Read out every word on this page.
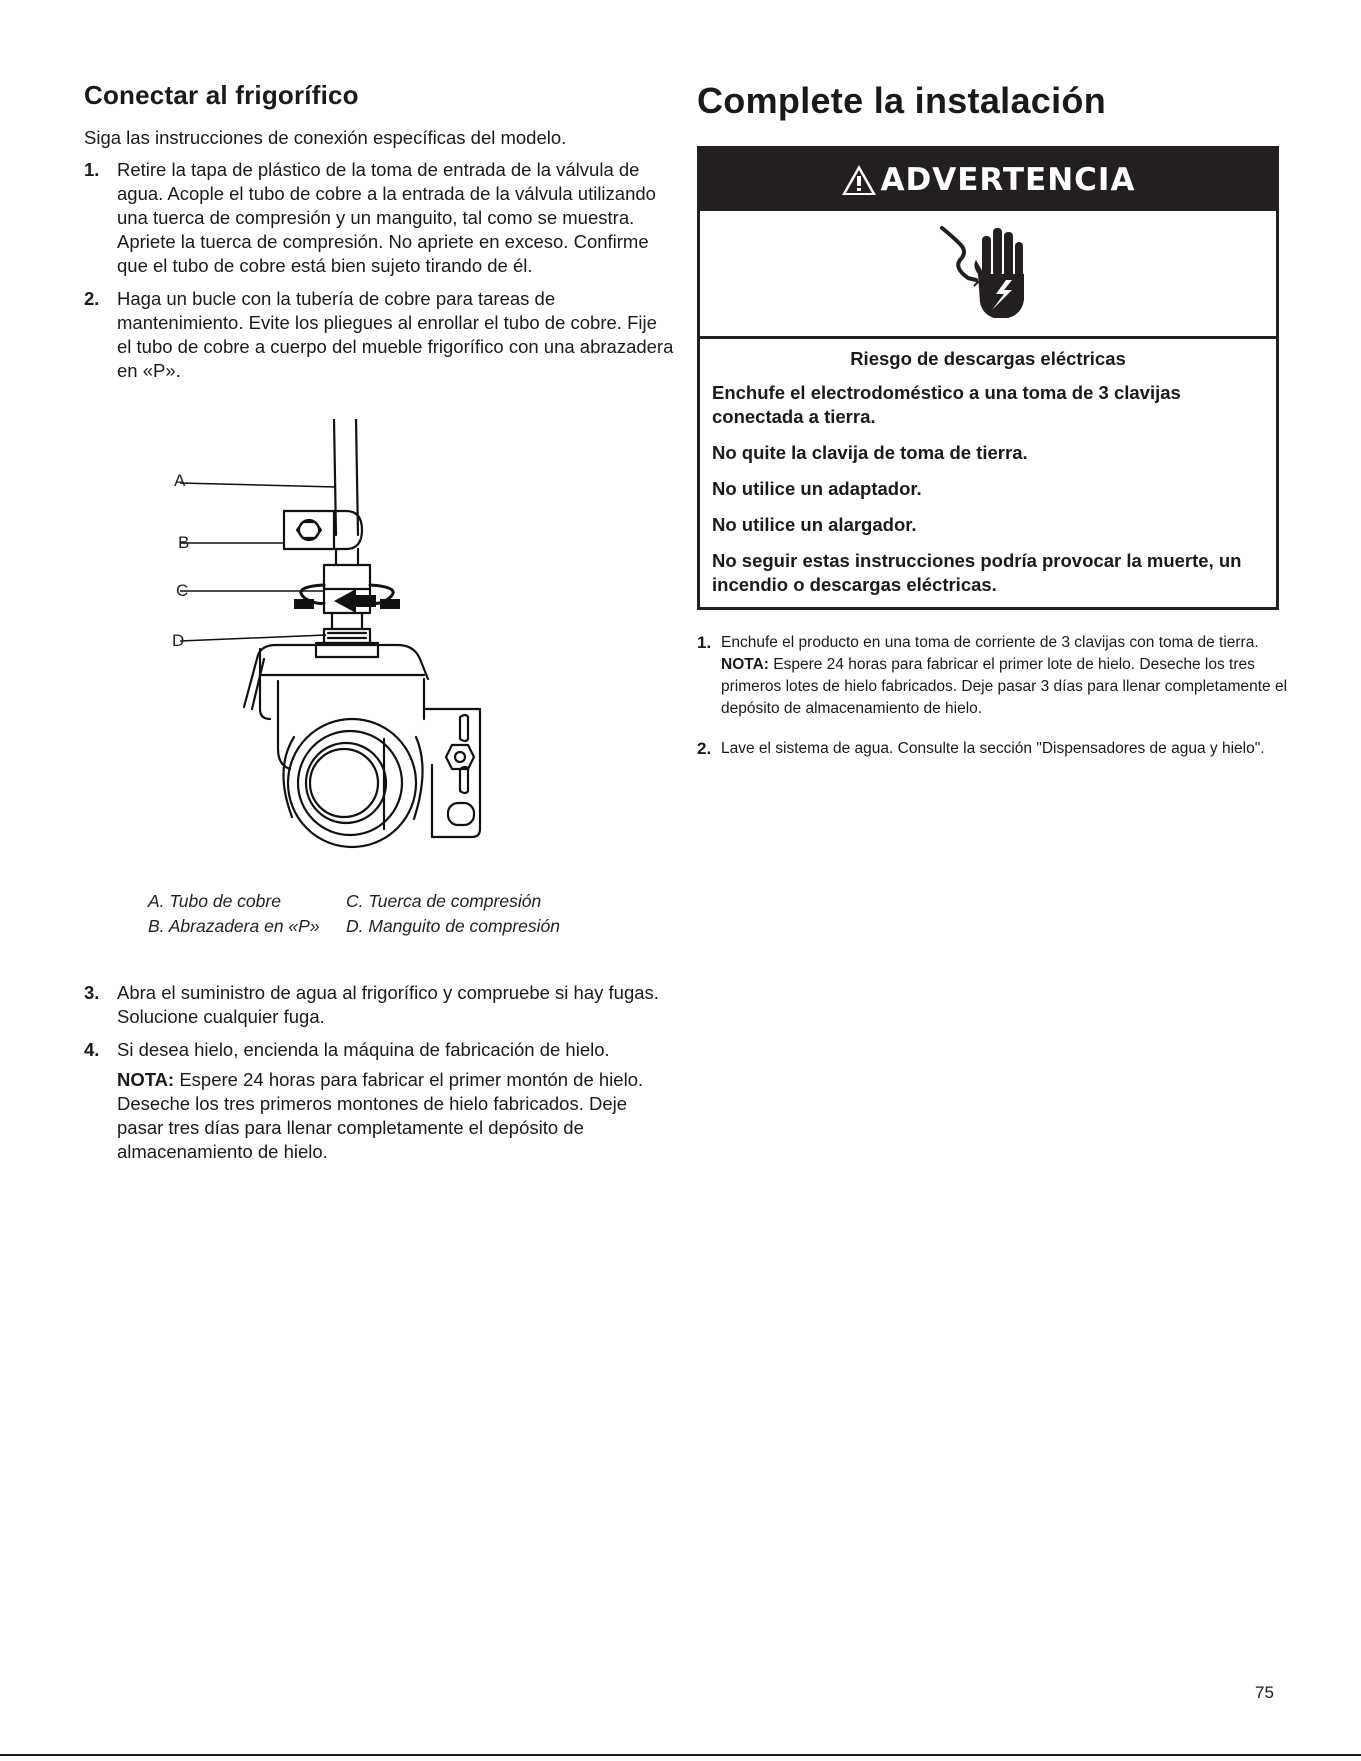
Conectar al frigorífico

Siga las instrucciones de conexión específicas del modelo.

1. Retire la tapa de plástico de la toma de entrada de la válvula de agua. Acople el tubo de cobre a la entrada de la válvula utilizando una tuerca de compresión y un manguito, tal como se muestra. Apriete la tuerca de compresión. No apriete en exceso. Confirme que el tubo de cobre está bien sujeto tirando de él.
2. Haga un bucle con la tubería de cobre para tareas de mantenimiento. Evite los pliegues al enrollar el tubo de cobre. Fije el tubo de cobre a cuerpo del mueble frigorífico con una abrazadera en «P».
A
B
C
D
A. Tubo de cobre
B. Abrazadera en «P»
C. Tuerca de compresión
D. Manguito de compresión
3. Abra el suministro de agua al frigorífico y compruebe si hay fugas. Solucione cualquier fuga.
4. Si desea hielo, encienda la máquina de fabricación de hielo.
NOTA: Espere 24 horas para fabricar el primer montón de hielo. Deseche los tres primeros montones de hielo fabricados. Deje pasar tres días para llenar completamente el depósito de almacenamiento de hielo.
Complete la instalación
ADVERTENCIA
Riesgo de descargas eléctricas
Enchufe el electrodoméstico a una toma de 3 clavijas conectada a tierra.
No quite la clavija de toma de tierra.
No utilice un adaptador.
No utilice un alargador.
No seguir estas instrucciones podría provocar la muerte, un incendio o descargas eléctricas.
1. Enchufe el producto en una toma de corriente de 3 clavijas con toma de tierra.
NOTA: Espere 24 horas para fabricar el primer lote de hielo. Deseche los tres primeros lotes de hielo fabricados. Deje pasar 3 días para llenar completamente el depósito de almacenamiento de hielo.
2. Lave el sistema de agua. Consulte la sección "Dispensadores de agua y hielo".
75
